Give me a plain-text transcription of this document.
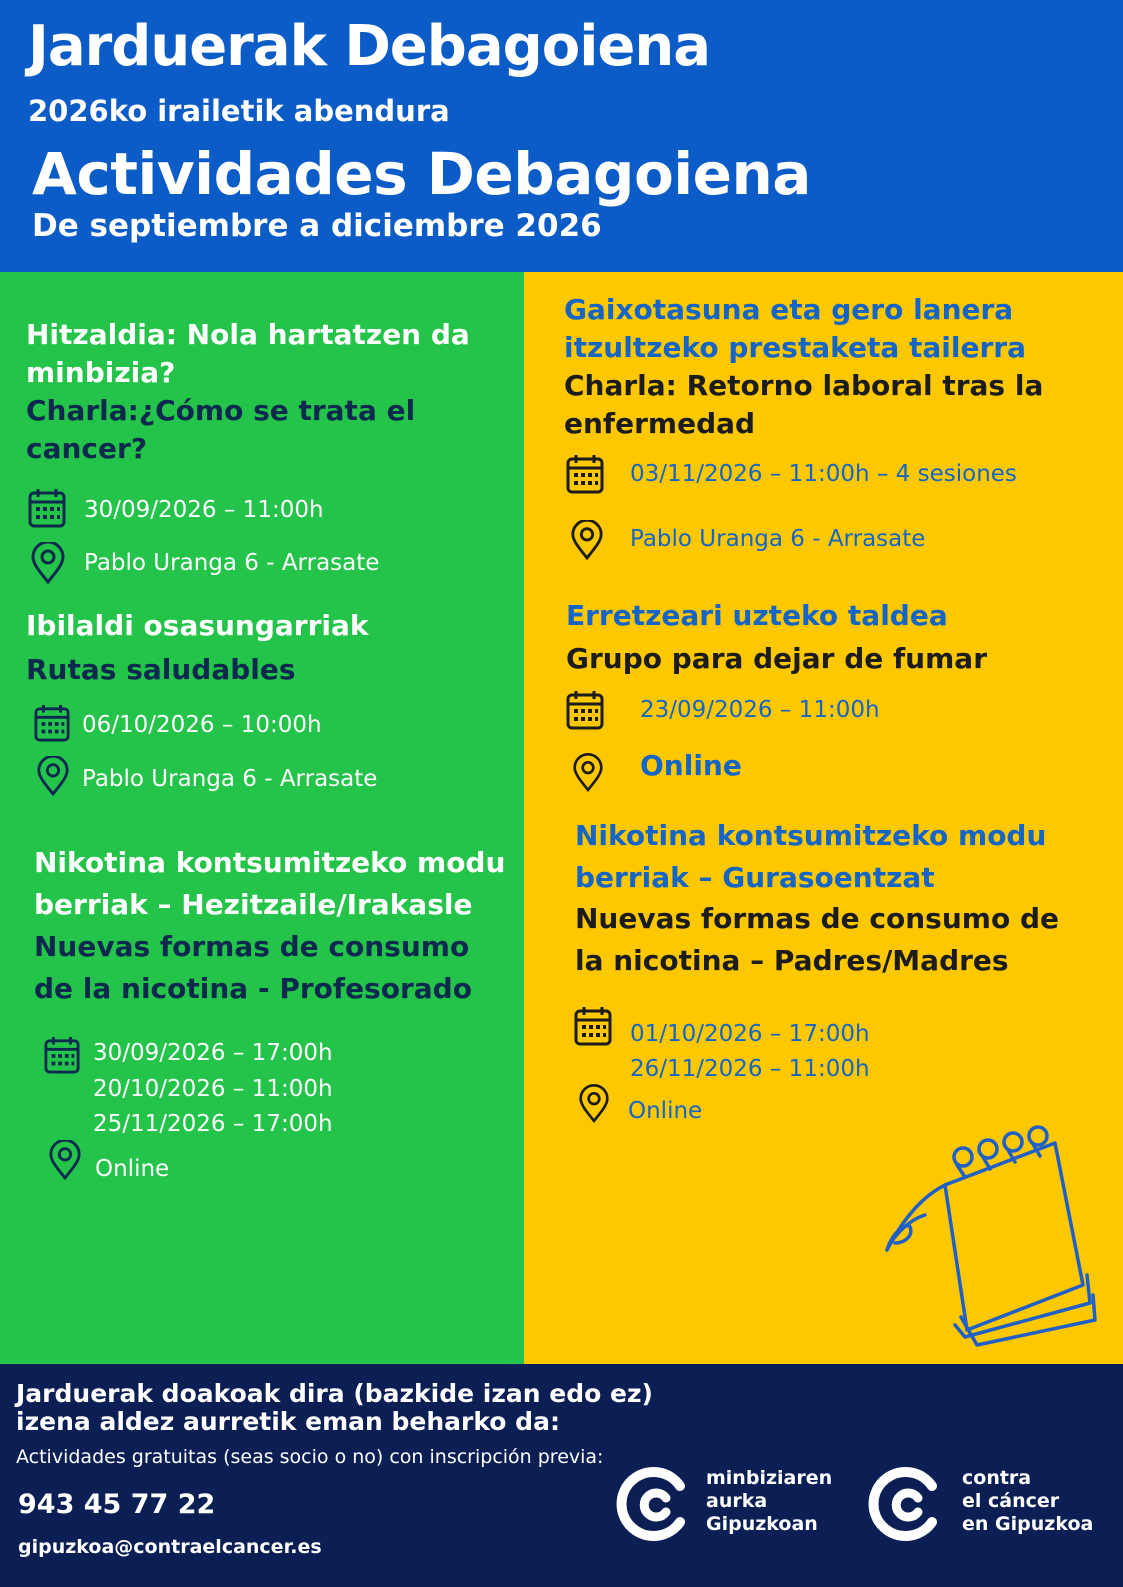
Jarduerak Debagoiena
2026ko irailetik abendura
Actividades Debagoiena
De septiembre a diciembre 2026
Hitzaldia: Nola hartatzen da minbizia?
Charla:¿Cómo se trata el cancer?
30/09/2026 – 11:00h
Pablo Uranga 6 - Arrasate
Ibilaldi osasungarriak
Rutas saludables
06/10/2026 – 10:00h
Pablo Uranga 6 - Arrasate
Nikotina kontsumitzeko modu berriak – Hezitzaile/Irakasle
Nuevas formas de consumo de la nicotina - Profesorado
30/09/2026 – 17:00h
20/10/2026 – 11:00h
25/11/2026 – 17:00h
Online
Gaixotasuna eta gero lanera itzultzeko prestaketa tailerra
Charla: Retorno laboral tras la enfermedad
03/11/2026 – 11:00h – 4 sesiones
Pablo Uranga 6 - Arrasate
Erretzeari uzteko taldea
Grupo para dejar de fumar
23/09/2026 – 11:00h
Online
Nikotina kontsumitzeko modu berriak – Gurasoentzat
Nuevas formas de consumo de la nicotina – Padres/Madres
01/10/2026 – 17:00h
26/11/2026 – 11:00h
Online
Jarduerak doakoak dira (bazkide izan edo ez) izena aldez aurretik eman beharko da:
Actividades gratuitas (seas socio o no) con inscripción previa:
943 45 77 22
gipuzkoa@contraelcancer.es
minbiziaren
aurka
Gipuzkoan
contra
el cáncer
en Gipuzkoa
